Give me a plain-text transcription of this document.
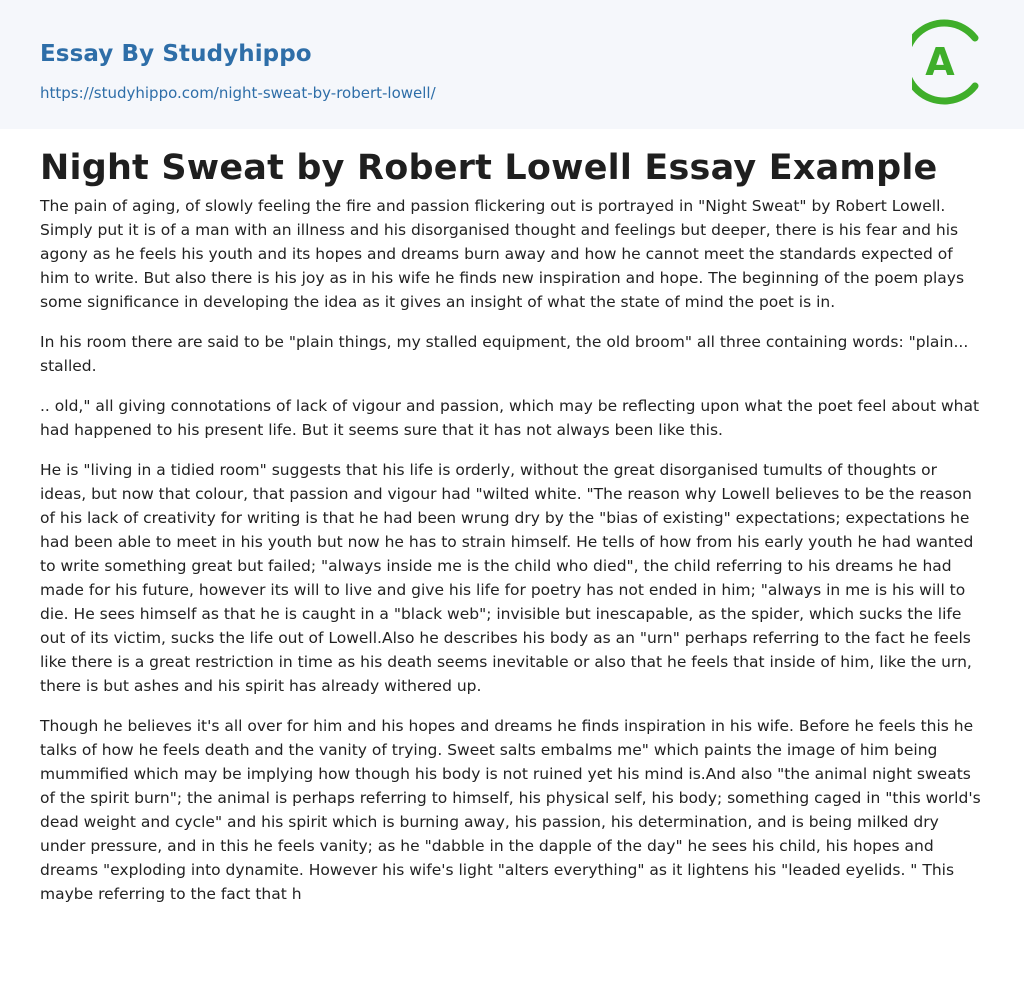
Essay By Studyhippo
https://studyhippo.com/night-sweat-by-robert-lowell/
A
Night Sweat by Robert Lowell Essay Example

The pain of aging, of slowly feeling the fire and passion flickering out is portrayed in "Night Sweat" by Robert Lowell. Simply put it is of a man with an illness and his disorganised thought and feelings but deeper, there is his fear and his agony as he feels his youth and its hopes and dreams burn away and how he cannot meet the standards expected of him to write. But also there is his joy as in his wife he finds new inspiration and hope. The beginning of the poem plays some significance in developing the idea as it gives an insight of what the state of mind the poet is in.

In his room there are said to be "plain things, my stalled equipment, the old broom" all three containing words: "plain... stalled.

.. old," all giving connotations of lack of vigour and passion, which may be reflecting upon what the poet feel about what had happened to his present life. But it seems sure that it has not always been like this.

He is "living in a tidied room" suggests that his life is orderly, without the great disorganised tumults of thoughts or ideas, but now that colour, that passion and vigour had "wilted white. "The reason why Lowell believes to be the reason of his lack of creativity for writing is that he had been wrung dry by the "bias of existing" expectations; expectations he had been able to meet in his youth but now he has to strain himself. He tells of how from his early youth he had wanted to write something great but failed; "always inside me is the child who died", the child referring to his dreams he had made for his future, however its will to live and give his life for poetry has not ended in him; "always in me is his will to die. He sees himself as that he is caught in a "black web"; invisible but inescapable, as the spider, which sucks the life out of its victim, sucks the life out of Lowell.Also he describes his body as an "urn" perhaps referring to the fact he feels like there is a great restriction in time as his death seems inevitable or also that he feels that inside of him, like the urn, there is but ashes and his spirit has already withered up.

Though he believes it's all over for him and his hopes and dreams he finds inspiration in his wife. Before he feels this he talks of how he feels death and the vanity of trying. Sweet salts embalms me" which paints the image of him being mummified which may be implying how though his body is not ruined yet his mind is.And also "the animal night sweats of the spirit burn"; the animal is perhaps referring to himself, his physical self, his body; something caged in "this world's dead weight and cycle" and his spirit which is burning away, his passion, his determination, and is being milked dry under pressure, and in this he feels vanity; as he "dabble in the dapple of the day" he sees his child, his hopes and dreams "exploding into dynamite. However his wife's light "alters everything" as it lightens his "leaded eyelids. " This maybe referring to the fact that h
